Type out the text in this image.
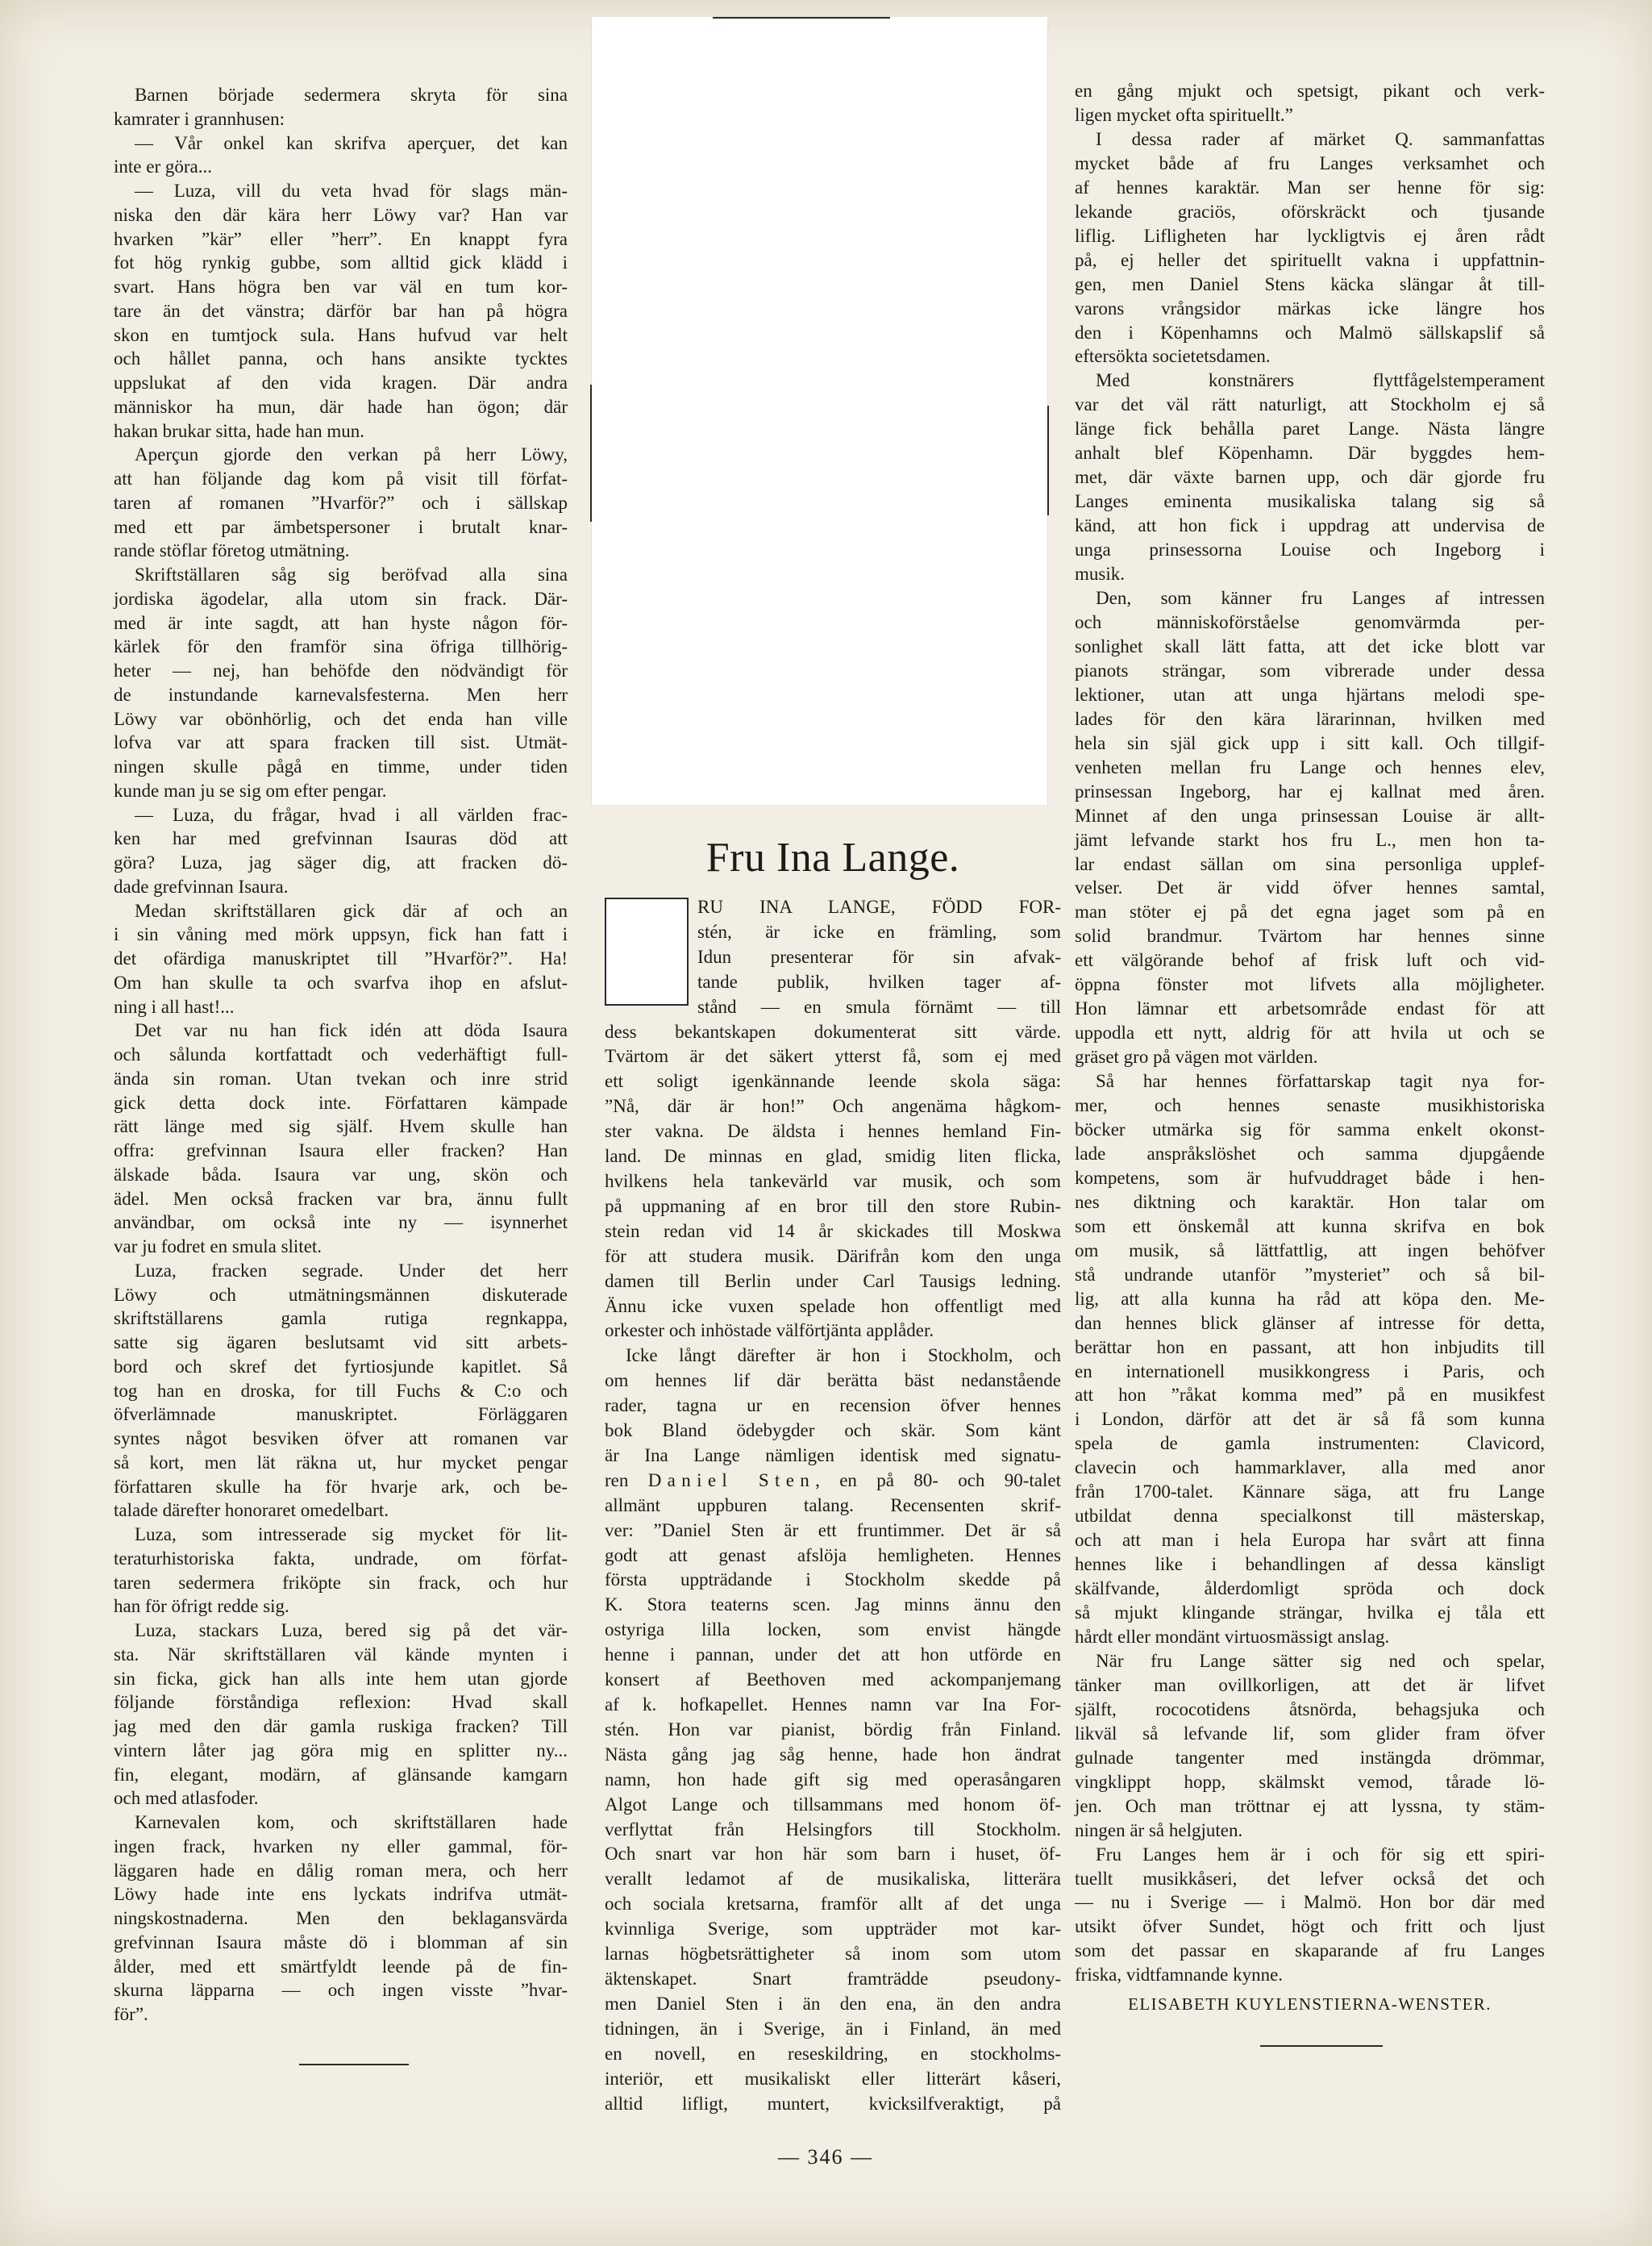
Barnen började sedermera skryta för sina
kamrater i grannhusen:
— Vår onkel kan skrifva aperçuer, det kan
inte er göra...
— Luza, vill du veta hvad för slags män-
niska den där kära herr Löwy var? Han var
hvarken ”kär” eller ”herr”. En knappt fyra
fot hög rynkig gubbe, som alltid gick klädd i
svart. Hans högra ben var väl en tum kor-
tare än det vänstra; därför bar han på högra
skon en tumtjock sula. Hans hufvud var helt
och hållet panna, och hans ansikte tycktes
uppslukat af den vida kragen. Där andra
människor ha mun, där hade han ögon; där
hakan brukar sitta, hade han mun.
Aperçun gjorde den verkan på herr Löwy,
att han följande dag kom på visit till förfat-
taren af romanen ”Hvarför?” och i sällskap
med ett par ämbetspersoner i brutalt knar-
rande stöflar företog utmätning.
Skriftställaren såg sig beröfvad alla sina
jordiska ägodelar, alla utom sin frack. Där-
med är inte sagdt, att han hyste någon för-
kärlek för den framför sina öfriga tillhörig-
heter — nej, han behöfde den nödvändigt för
de instundande karnevalsfesterna. Men herr
Löwy var obönhörlig, och det enda han ville
lofva var att spara fracken till sist. Utmät-
ningen skulle pågå en timme, under tiden
kunde man ju se sig om efter pengar.
— Luza, du frågar, hvad i all världen frac-
ken har med grefvinnan Isauras död att
göra? Luza, jag säger dig, att fracken dö-
dade grefvinnan Isaura.
Medan skriftställaren gick där af och an
i sin våning med mörk uppsyn, fick han fatt i
det ofärdiga manuskriptet till ”Hvarför?”. Ha!
Om han skulle ta och svarfva ihop en afslut-
ning i all hast!...
Det var nu han fick idén att döda Isaura
och sålunda kortfattadt och vederhäftigt full-
ända sin roman. Utan tvekan och inre strid
gick detta dock inte. Författaren kämpade
rätt länge med sig själf. Hvem skulle han
offra: grefvinnan Isaura eller fracken? Han
älskade båda. Isaura var ung, skön och
ädel. Men också fracken var bra, ännu fullt
användbar, om också inte ny — isynnerhet
var ju fodret en smula slitet.
Luza, fracken segrade. Under det herr
Löwy och utmätningsmännen diskuterade
skriftställarens gamla rutiga regnkappa,
satte sig ägaren beslutsamt vid sitt arbets-
bord och skref det fyrtiosjunde kapitlet. Så
tog han en droska, for till Fuchs & C:o och
öfverlämnade manuskriptet. Förläggaren
syntes något besviken öfver att romanen var
så kort, men lät räkna ut, hur mycket pengar
författaren skulle ha för hvarje ark, och be-
talade därefter honoraret omedelbart.
Luza, som intresserade sig mycket för lit-
teraturhistoriska fakta, undrade, om förfat-
taren sedermera friköpte sin frack, och hur
han för öfrigt redde sig.
Luza, stackars Luza, bered sig på det vär-
sta. När skriftställaren väl kände mynten i
sin ficka, gick han alls inte hem utan gjorde
följande förståndiga reflexion: Hvad skall
jag med den där gamla ruskiga fracken? Till
vintern låter jag göra mig en splitter ny...
fin, elegant, modärn, af glänsande kamgarn
och med atlasfoder.
Karnevalen kom, och skriftställaren hade
ingen frack, hvarken ny eller gammal, för-
läggaren hade en dålig roman mera, och herr
Löwy hade inte ens lyckats indrifva utmät-
ningskostnaderna. Men den beklagansvärda
grefvinnan Isaura måste dö i blomman af sin
ålder, med ett smärtfyldt leende på de fin-
skurna läpparna — och ingen visste ”hvar-
för”.
Fru Ina Lange.
RU INA LANGE, FÖDD FOR-
stén, är icke en främling, som
Idun presenterar för sin afvak-
tande publik, hvilken tager af-
stånd — en smula förnämt — till
dess bekantskapen dokumenterat sitt värde.
Tvärtom är det säkert ytterst få, som ej med
ett soligt igenkännande leende skola säga:
”Nå, där är hon!” Och angenäma hågkom-
ster vakna. De äldsta i hennes hemland Fin-
land. De minnas en glad, smidig liten flicka,
hvilkens hela tankevärld var musik, och som
på uppmaning af en bror till den store Rubin-
stein redan vid 14 år skickades till Moskwa
för att studera musik. Därifrån kom den unga
damen till Berlin under Carl Tausigs ledning.
Ännu icke vuxen spelade hon offentligt med
orkester och inhöstade välförtjänta applåder.
Icke långt därefter är hon i Stockholm, och
om hennes lif där berätta bäst nedanstående
rader, tagna ur en recension öfver hennes
bok Bland ödebygder och skär. Som känt
är Ina Lange nämligen identisk med signatu-
ren Daniel Sten, en på 80- och 90-talet
allmänt uppburen talang. Recensenten skrif-
ver: ”Daniel Sten är ett fruntimmer. Det är så
godt att genast afslöja hemligheten. Hennes
första uppträdande i Stockholm skedde på
K. Stora teaterns scen. Jag minns ännu den
ostyriga lilla locken, som envist hängde
henne i pannan, under det att hon utförde en
konsert af Beethoven med ackompanjemang
af k. hofkapellet. Hennes namn var Ina For-
stén. Hon var pianist, bördig från Finland.
Nästa gång jag såg henne, hade hon ändrat
namn, hon hade gift sig med operasångaren
Algot Lange och tillsammans med honom öf-
verflyttat från Helsingfors till Stockholm.
Och snart var hon här som barn i huset, öf-
verallt ledamot af de musikaliska, litterära
och sociala kretsarna, framför allt af det unga
kvinnliga Sverige, som uppträder mot kar-
larnas högbetsrättigheter så inom som utom
äktenskapet. Snart framträdde pseudony-
men Daniel Sten i än den ena, än den andra
tidningen, än i Sverige, än i Finland, än med
en novell, en reseskildring, en stockholms-
interiör, ett musikaliskt eller litterärt kåseri,
alltid lifligt, muntert, kvicksilfveraktigt, på
en gång mjukt och spetsigt, pikant och verk-
ligen mycket ofta spirituellt.”
I dessa rader af märket Q. sammanfattas
mycket både af fru Langes verksamhet och
af hennes karaktär. Man ser henne för sig:
lekande graciös, oförskräckt och tjusande
liflig. Lifligheten har lyckligtvis ej åren rådt
på, ej heller det spirituellt vakna i uppfattnin-
gen, men Daniel Stens käcka slängar åt till-
varons vrångsidor märkas icke längre hos
den i Köpenhamns och Malmö sällskapslif så
eftersökta societetsdamen.
Med konstnärers flyttfågelstemperament
var det väl rätt naturligt, att Stockholm ej så
länge fick behålla paret Lange. Nästa längre
anhalt blef Köpenhamn. Där byggdes hem-
met, där växte barnen upp, och där gjorde fru
Langes eminenta musikaliska talang sig så
känd, att hon fick i uppdrag att undervisa de
unga prinsessorna Louise och Ingeborg i
musik.
Den, som känner fru Langes af intressen
och människoförståelse genomvärmda per-
sonlighet skall lätt fatta, att det icke blott var
pianots strängar, som vibrerade under dessa
lektioner, utan att unga hjärtans melodi spe-
lades för den kära lärarinnan, hvilken med
hela sin själ gick upp i sitt kall. Och tillgif-
venheten mellan fru Lange och hennes elev,
prinsessan Ingeborg, har ej kallnat med åren.
Minnet af den unga prinsessan Louise är allt-
jämt lefvande starkt hos fru L., men hon ta-
lar endast sällan om sina personliga upplef-
velser. Det är vidd öfver hennes samtal,
man stöter ej på det egna jaget som på en
solid brandmur. Tvärtom har hennes sinne
ett välgörande behof af frisk luft och vid-
öppna fönster mot lifvets alla möjligheter.
Hon lämnar ett arbetsområde endast för att
uppodla ett nytt, aldrig för att hvila ut och se
gräset gro på vägen mot världen.
Så har hennes författarskap tagit nya for-
mer, och hennes senaste musikhistoriska
böcker utmärka sig för samma enkelt okonst-
lade anspråkslöshet och samma djupgående
kompetens, som är hufvuddraget både i hen-
nes diktning och karaktär. Hon talar om
som ett önskemål att kunna skrifva en bok
om musik, så lättfattlig, att ingen behöfver
stå undrande utanför ”mysteriet” och så bil-
lig, att alla kunna ha råd att köpa den. Me-
dan hennes blick glänser af intresse för detta,
berättar hon en passant, att hon inbjudits till
en internationell musikkongress i Paris, och
att hon ”råkat komma med” på en musikfest
i London, därför att det är så få som kunna
spela de gamla instrumenten: Clavicord,
clavecin och hammarklaver, alla med anor
från 1700-talet. Kännare säga, att fru Lange
utbildat denna specialkonst till mästerskap,
och att man i hela Europa har svårt att finna
hennes like i behandlingen af dessa känsligt
skälfvande, ålderdomligt spröda och dock
så mjukt klingande strängar, hvilka ej tåla ett
hårdt eller mondänt virtuosmässigt anslag.
När fru Lange sätter sig ned och spelar,
tänker man ovillkorligen, att det är lifvet
själft, rococotidens åtsnörda, behagsjuka och
likväl så lefvande lif, som glider fram öfver
gulnade tangenter med instängda drömmar,
vingklippt hopp, skälmskt vemod, tårade lö-
jen. Och man tröttnar ej att lyssna, ty stäm-
ningen är så helgjuten.
Fru Langes hem är i och för sig ett spiri-
tuellt musikkåseri, det lefver också det och
— nu i Sverige — i Malmö. Hon bor där med
utsikt öfver Sundet, högt och fritt och ljust
som det passar en skaparande af fru Langes
friska, vidtfamnande kynne.
ELISABETH KUYLENSTIERNA-WENSTER.
— 346 —
